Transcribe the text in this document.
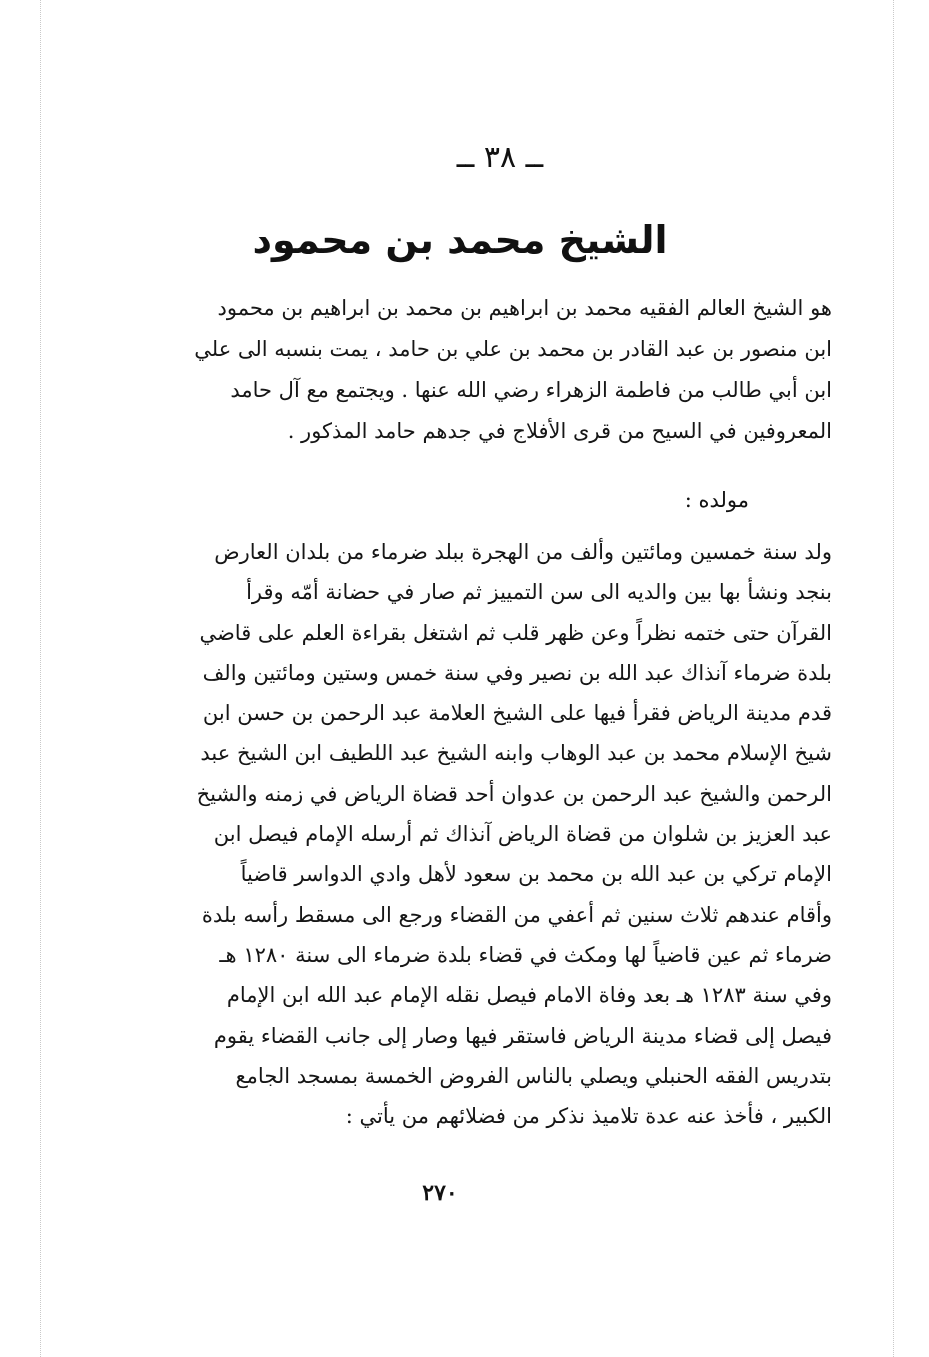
ــ ٣٨ ــ
الشيخ محمد بن محمود
هو الشيخ العالم الفقيه محمد بن ابراهيم بن محمد بن ابراهيم بن محمود
ابن منصور بن عبد القادر بن محمد بن علي بن حامد ، يمت بنسبه الى علي
ابن أبي طالب من فاطمة الزهراء رضي الله عنها . ويجتمع مع آل حامد
المعروفين في السيح من قرى الأفلاج في جدهم حامد المذكور .
مولده :
ولد سنة خمسين ومائتين وألف من الهجرة ببلد ضرماء من بلدان العارض
بنجد ونشأ بها بين والديه الى سن التمييز ثم صار في حضانة أمّه وقرأ
القرآن حتى ختمه نظراً وعن ظهر قلب ثم اشتغل بقراءة العلم على قاضي
بلدة ضرماء آنذاك عبد الله بن نصير وفي سنة خمس وستين ومائتين والف
قدم مدينة الرياض فقرأ فيها على الشيخ العلامة عبد الرحمن بن حسن ابن
شيخ الإسلام محمد بن عبد الوهاب وابنه الشيخ عبد اللطيف ابن الشيخ عبد
الرحمن والشيخ عبد الرحمن بن عدوان أحد قضاة الرياض في زمنه والشيخ
عبد العزيز بن شلوان من قضاة الرياض آنذاك ثم أرسله الإمام فيصل ابن
الإمام تركي بن عبد الله بن محمد بن سعود لأهل وادي الدواسر قاضياً
وأقام عندهم ثلاث سنين ثم أعفي من القضاء ورجع الى مسقط رأسه بلدة
ضرماء ثم عين قاضياً لها ومكث في قضاء بلدة ضرماء الى سنة ١٢٨٠ هـ
وفي سنة ١٢٨٣ هـ بعد وفاة الامام فيصل نقله الإمام عبد الله ابن الإمام
فيصل إلى قضاء مدينة الرياض فاستقر فيها وصار إلى جانب القضاء يقوم
بتدريس الفقه الحنبلي ويصلي بالناس الفروض الخمسة بمسجد الجامع
الكبير ، فأخذ عنه عدة تلاميذ نذكر من فضلائهم من يأتي :
٢٧٠
